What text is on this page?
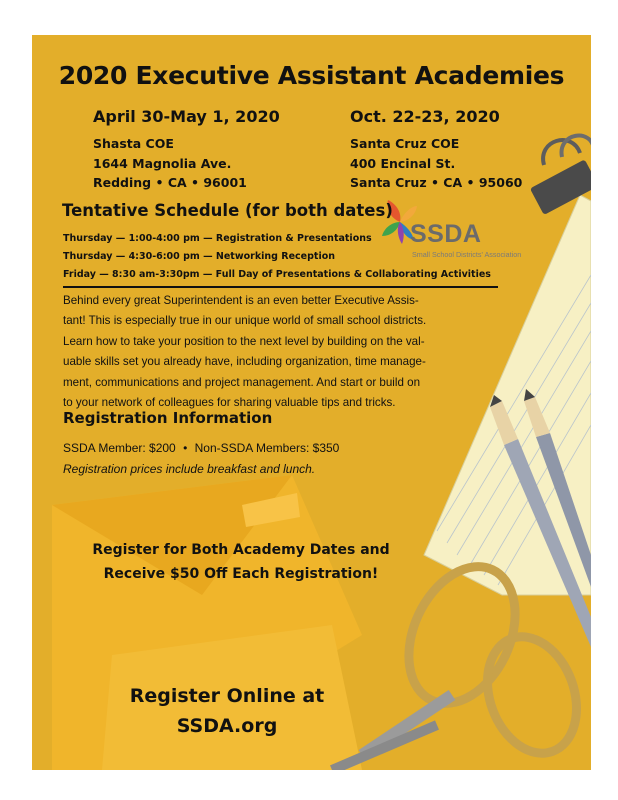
2020 Executive Assistant Academies
April 30-May 1, 2020
Shasta COE
1644 Magnolia Ave.
Redding • CA • 96001
Oct. 22-23, 2020
Santa Cruz COE
400 Encinal St.
Santa Cruz • CA • 95060
SSDA
Small School Districts' Association
Tentative Schedule (for both dates)
Thursday — 1:00-4:00 pm — Registration & Presentations
Thursday — 4:30-6:00 pm — Networking Reception
Friday — 8:30 am-3:30pm — Full Day of Presentations & Collaborating Activities
Behind every great Superintendent is an even better Executive Assis-
tant! This is especially true in our unique world of small school districts.
Learn how to take your position to the next level by building on the val-
uable skills set you already have, including organization, time manage-
ment, communications and project management. And start or build on
to your network of colleagues for sharing valuable tips and tricks.
Registration Information
SSDA Member: $200 • Non-SSDA Members: $350
Registration prices include breakfast and lunch.
Register for Both Academy Dates and
Receive $50 Off Each Registration!
Register Online at
SSDA.org
